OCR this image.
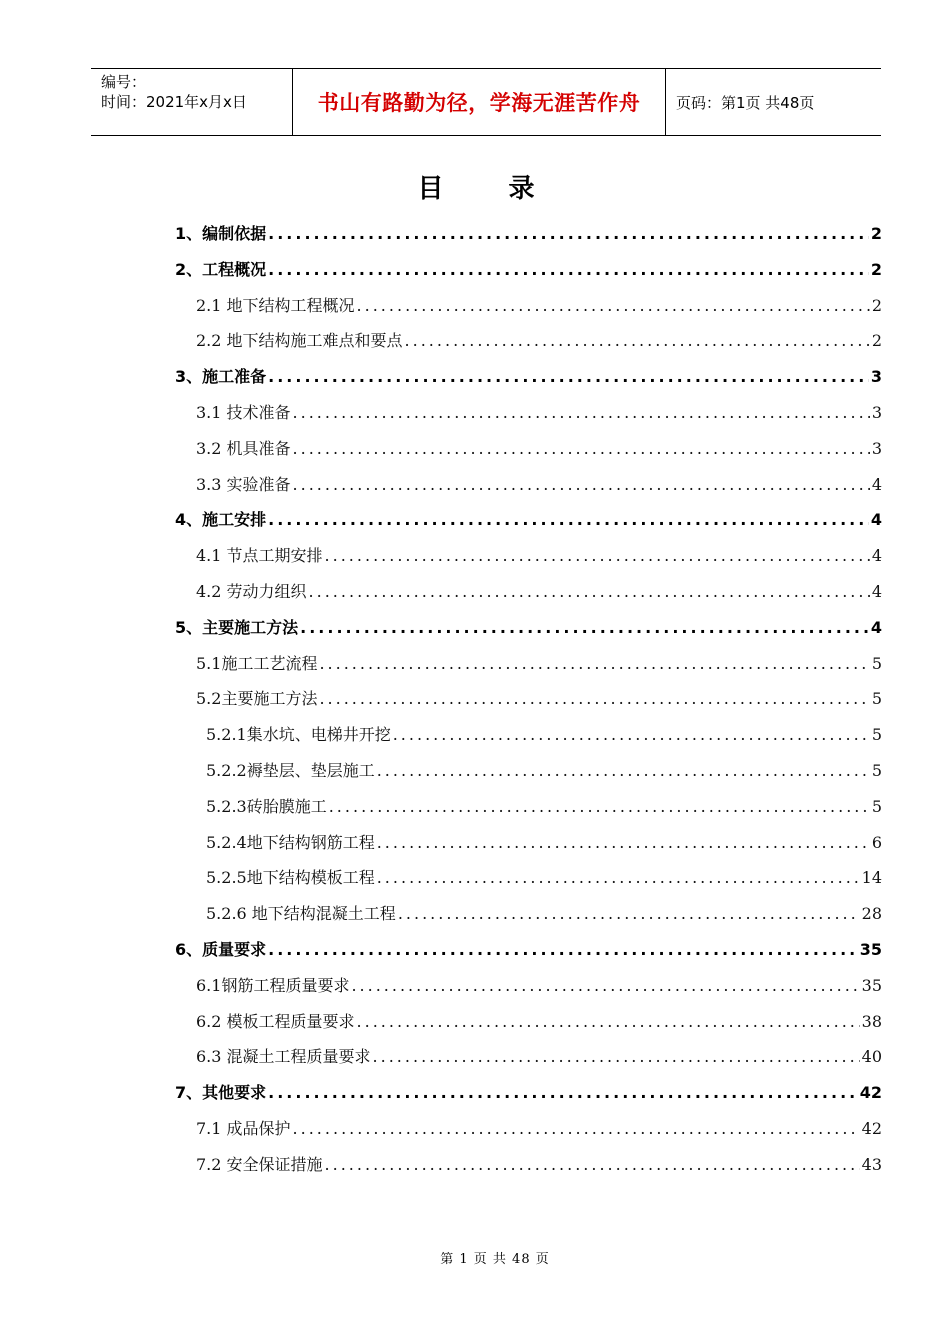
编号：
时间：2021年x月x日	书山有路勤为径，学海无涯苦作舟 页码：第1页 共48页
目 录
1、编制依据 .....	2
2、工程概况 .....	2
2.1 地下结构工程概况 .....	2
2.2 地下结构施工难点和要点 .....	2
3、施工准备 .....	3
3.1 技术准备 .....	3
3.2 机具准备 .....	3
3.3 实验准备 .....	4
4、施工安排 .....	4
4.1 节点工期安排 .....	4
4.2 劳动力组织 .....	4
5、主要施工方法 .....	4
5.1施工工艺流程 .....	5
5.2主要施工方法 .....	5
5.2.1集水坑、电梯井开挖 .....	5
5.2.2褥垫层、垫层施工 .....	5
5.2.3砖胎膜施工 .....	5
5.2.4地下结构钢筋工程 .....	6
5.2.5地下结构模板工程 .....	14
5.2.6 地下结构混凝土工程 .....	28
6、质量要求 .....	35
6.1钢筋工程质量要求 .....	35
6.2 模板工程质量要求 .....	38
6.3 混凝土工程质量要求 .....	40
7、其他要求 .....	42
7.1 成品保护 .....	42
7.2 安全保证措施 .....	43
第 1 页 共 48 页
